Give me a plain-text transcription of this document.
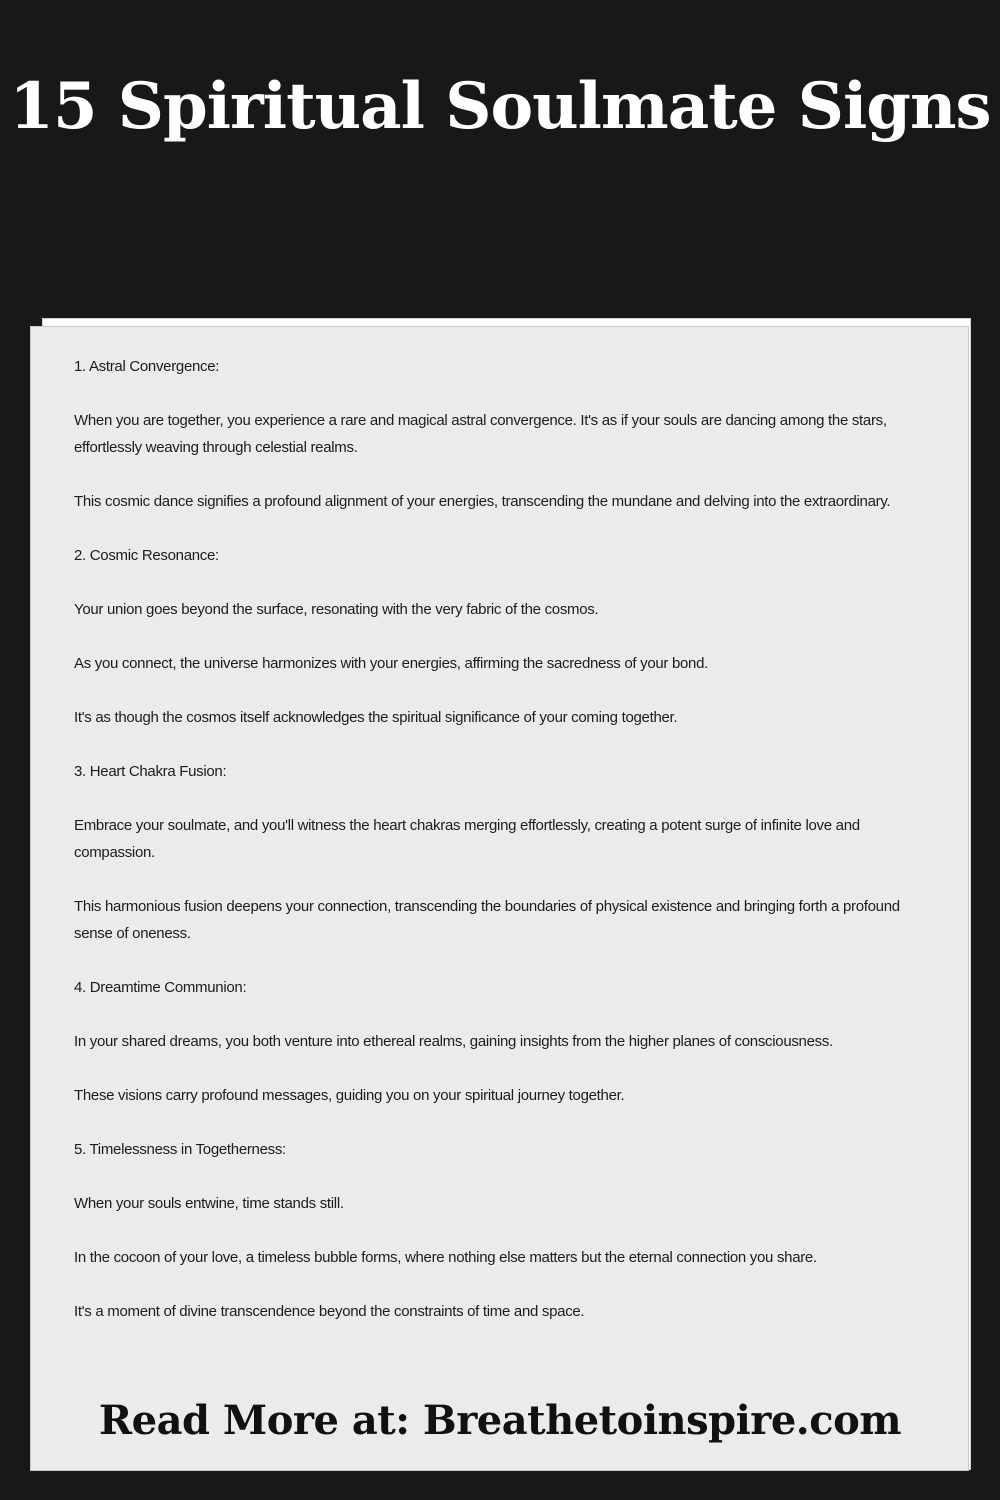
15 Spiritual Soulmate Signs

1. Astral Convergence:

When you are together, you experience a rare and magical astral convergence. It's as if your souls are dancing among the stars, effortlessly weaving through celestial realms.

This cosmic dance signifies a profound alignment of your energies, transcending the mundane and delving into the extraordinary.

2. Cosmic Resonance:

Your union goes beyond the surface, resonating with the very fabric of the cosmos.

As you connect, the universe harmonizes with your energies, affirming the sacredness of your bond.

It's as though the cosmos itself acknowledges the spiritual significance of your coming together.

3. Heart Chakra Fusion:

Embrace your soulmate, and you'll witness the heart chakras merging effortlessly, creating a potent surge of infinite love and compassion.

This harmonious fusion deepens your connection, transcending the boundaries of physical existence and bringing forth a profound sense of oneness.

4. Dreamtime Communion:

In your shared dreams, you both venture into ethereal realms, gaining insights from the higher planes of consciousness.

These visions carry profound messages, guiding you on your spiritual journey together.

5. Timelessness in Togetherness:

When your souls entwine, time stands still.

In the cocoon of your love, a timeless bubble forms, where nothing else matters but the eternal connection you share.

It's a moment of divine transcendence beyond the constraints of time and space.

Read More at: Breathetoinspire.com
